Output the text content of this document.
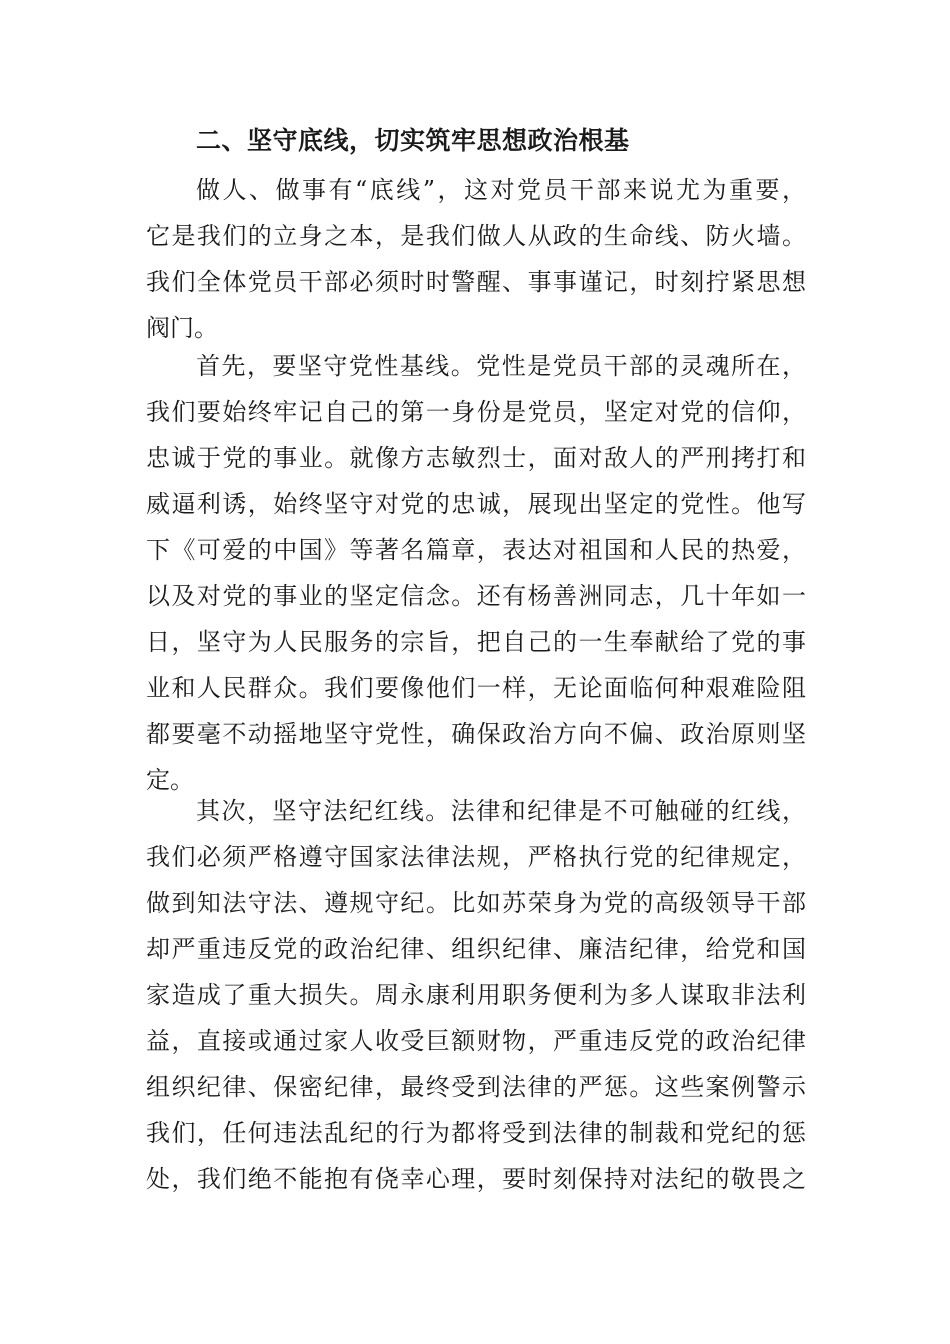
二、坚守底线，切实筑牢思想政治根基
做人、做事有“底线”，这对党员干部来说尤为重要，
它是我们的立身之本，是我们做人从政的生命线、防火墙。
我们全体党员干部必须时时警醒、事事谨记，时刻拧紧思想
阀门。
首先，要坚守党性基线。党性是党员干部的灵魂所在，
我们要始终牢记自己的第一身份是党员，坚定对党的信仰，
忠诚于党的事业。就像方志敏烈士，面对敌人的严刑拷打和
威逼利诱，始终坚守对党的忠诚，展现出坚定的党性。他写
下《可爱的中国》等著名篇章，表达对祖国和人民的热爱，
以及对党的事业的坚定信念。还有杨善洲同志，几十年如一
日，坚守为人民服务的宗旨，把自己的一生奉献给了党的事
业和人民群众。我们要像他们一样，无论面临何种艰难险阻
都要毫不动摇地坚守党性，确保政治方向不偏、政治原则坚
定。
其次，坚守法纪红线。法律和纪律是不可触碰的红线，
我们必须严格遵守国家法律法规，严格执行党的纪律规定，
做到知法守法、遵规守纪。比如苏荣身为党的高级领导干部
却严重违反党的政治纪律、组织纪律、廉洁纪律，给党和国
家造成了重大损失。周永康利用职务便利为多人谋取非法利
益，直接或通过家人收受巨额财物，严重违反党的政治纪律
组织纪律、保密纪律，最终受到法律的严惩。这些案例警示
我们，任何违法乱纪的行为都将受到法律的制裁和党纪的惩
处，我们绝不能抱有侥幸心理，要时刻保持对法纪的敬畏之
